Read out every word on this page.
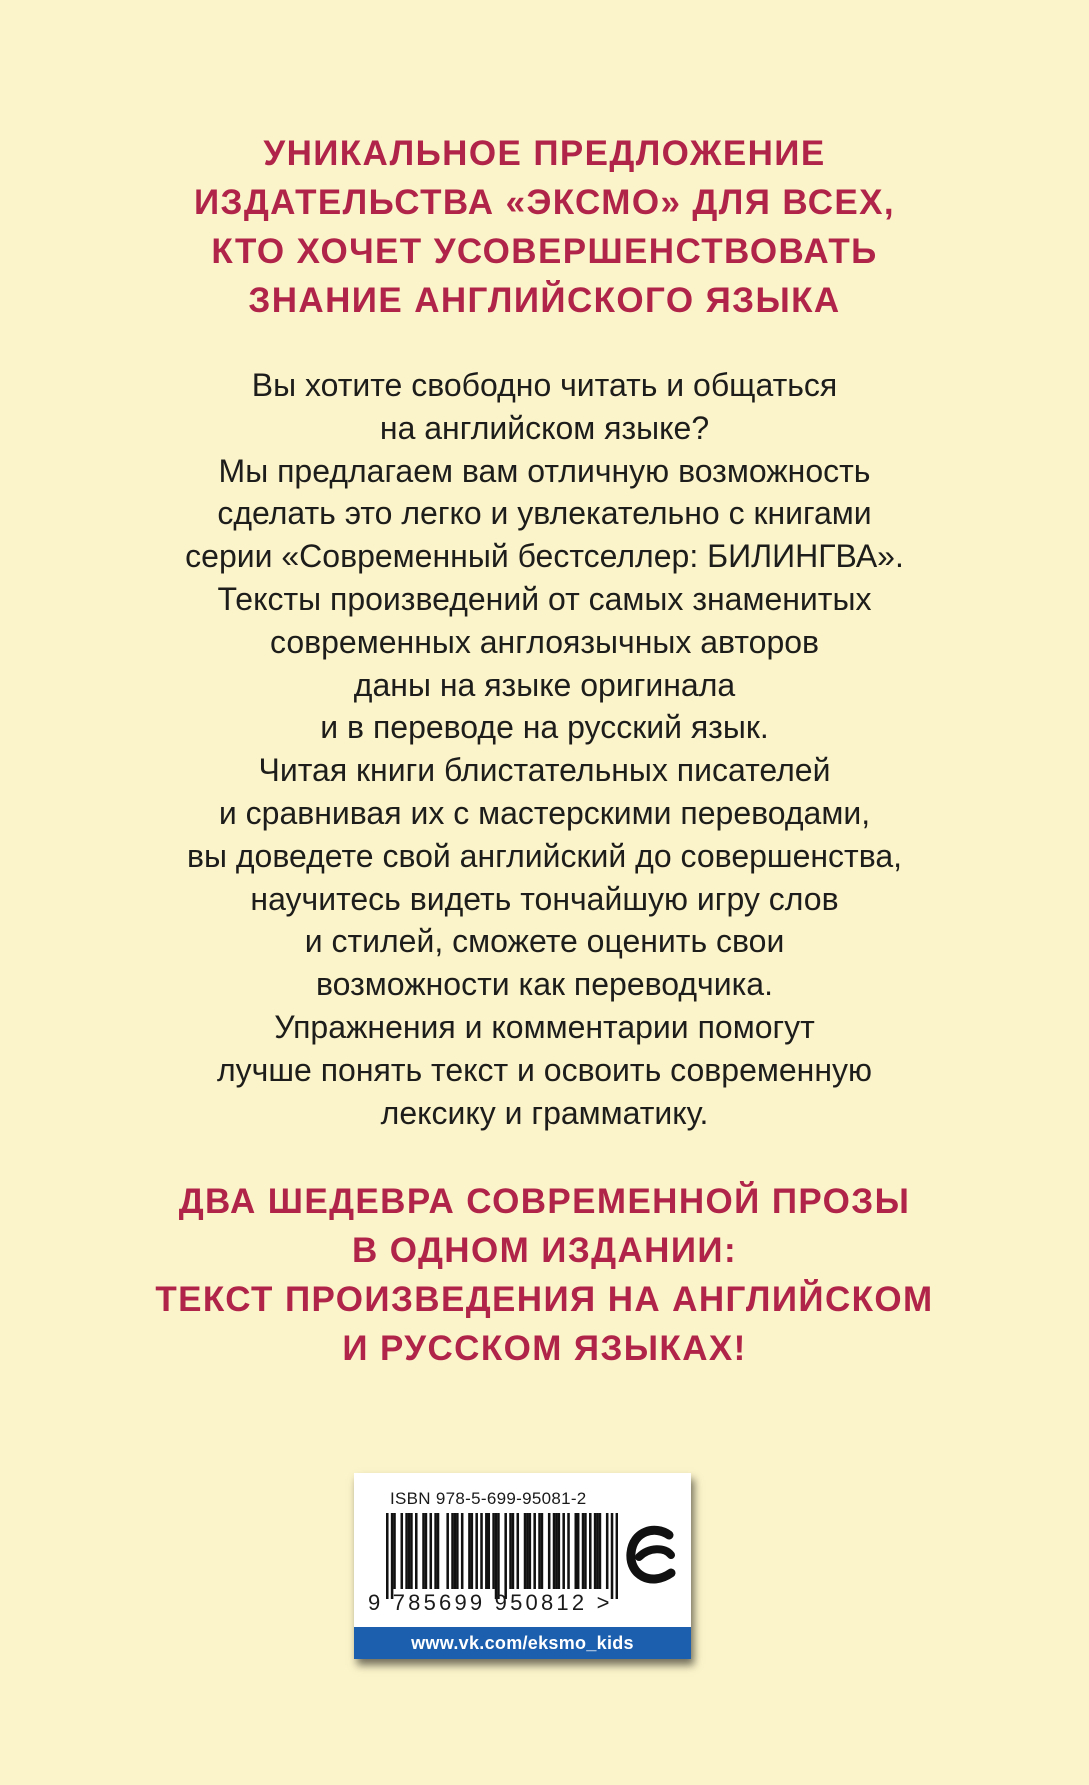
УНИКАЛЬНОЕ ПРЕДЛОЖЕНИЕ
ИЗДАТЕЛЬСТВА «ЭКСМО» ДЛЯ ВСЕХ,
КТО ХОЧЕТ УСОВЕРШЕНСТВОВАТЬ
ЗНАНИЕ АНГЛИЙСКОГО ЯЗЫКА
Вы хотите свободно читать и общаться
на английском языке?
Мы предлагаем вам отличную возможность
сделать это легко и увлекательно с книгами
серии «Современный бестселлер: БИЛИНГВА».
Тексты произведений от самых знаменитых
современных англоязычных авторов
даны на языке оригинала
и в переводе на русский язык.
Читая книги блистательных писателей
и сравнивая их с мастерскими переводами,
вы доведете свой английский до совершенства,
научитесь видеть тончайшую игру слов
и стилей, сможете оценить свои
возможности как переводчика.
Упражнения и комментарии помогут
лучше понять текст и освоить современную
лексику и грамматику.
ДВА ШЕДЕВРА СОВРЕМЕННОЙ ПРОЗЫ
В ОДНОМ ИЗДАНИИ:
ТЕКСТ ПРОИЗВЕДЕНИЯ НА АНГЛИЙСКОМ
И РУССКОМ ЯЗЫКАХ!
ISBN 978-5-699-95081-2
9 785699 950812 >
www.vk.com/eksmo_kids
